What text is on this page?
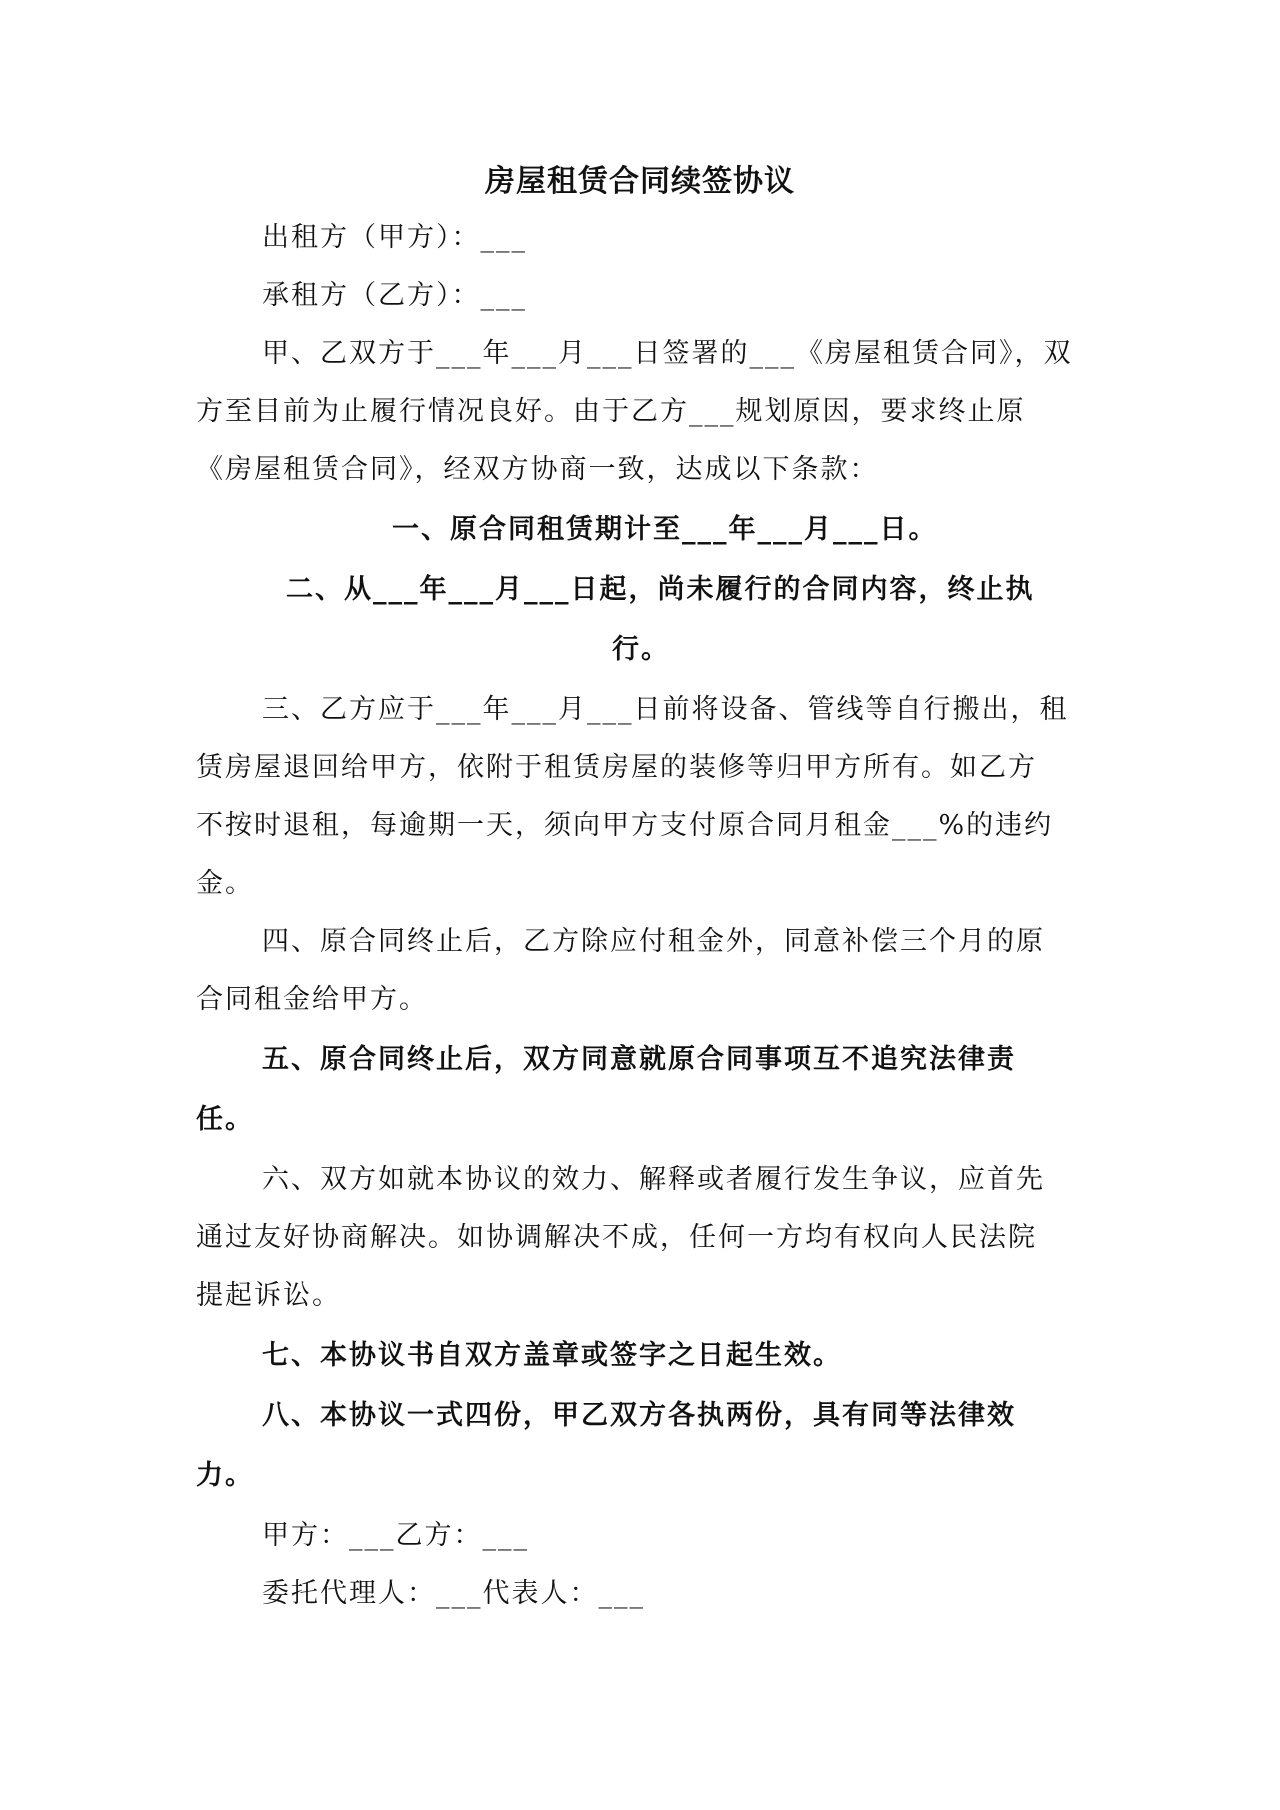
房屋租赁合同续签协议
出租方（甲方）：___
承租方（乙方）：___
甲、乙双方于___年___月___日签署的___《房屋租赁合同》，双
方至目前为止履行情况良好。由于乙方___规划原因，要求终止原
《房屋租赁合同》，经双方协商一致，达成以下条款：
一、原合同租赁期计至___年___月___日。
二、从___年___月___日起，尚未履行的合同内容，终止执
行。
三、乙方应于___年___月___日前将设备、管线等自行搬出，租
赁房屋退回给甲方，依附于租赁房屋的装修等归甲方所有。如乙方
不按时退租，每逾期一天，须向甲方支付原合同月租金___%的违约
金。
四、原合同终止后，乙方除应付租金外，同意补偿三个月的原
合同租金给甲方。
五、原合同终止后，双方同意就原合同事项互不追究法律责
任。
六、双方如就本协议的效力、解释或者履行发生争议，应首先
通过友好协商解决。如协调解决不成，任何一方均有权向人民法院
提起诉讼。
七、本协议书自双方盖章或签字之日起生效。
八、本协议一式四份，甲乙双方各执两份，具有同等法律效
力。
甲方：___乙方：___
委托代理人：___代表人：___
